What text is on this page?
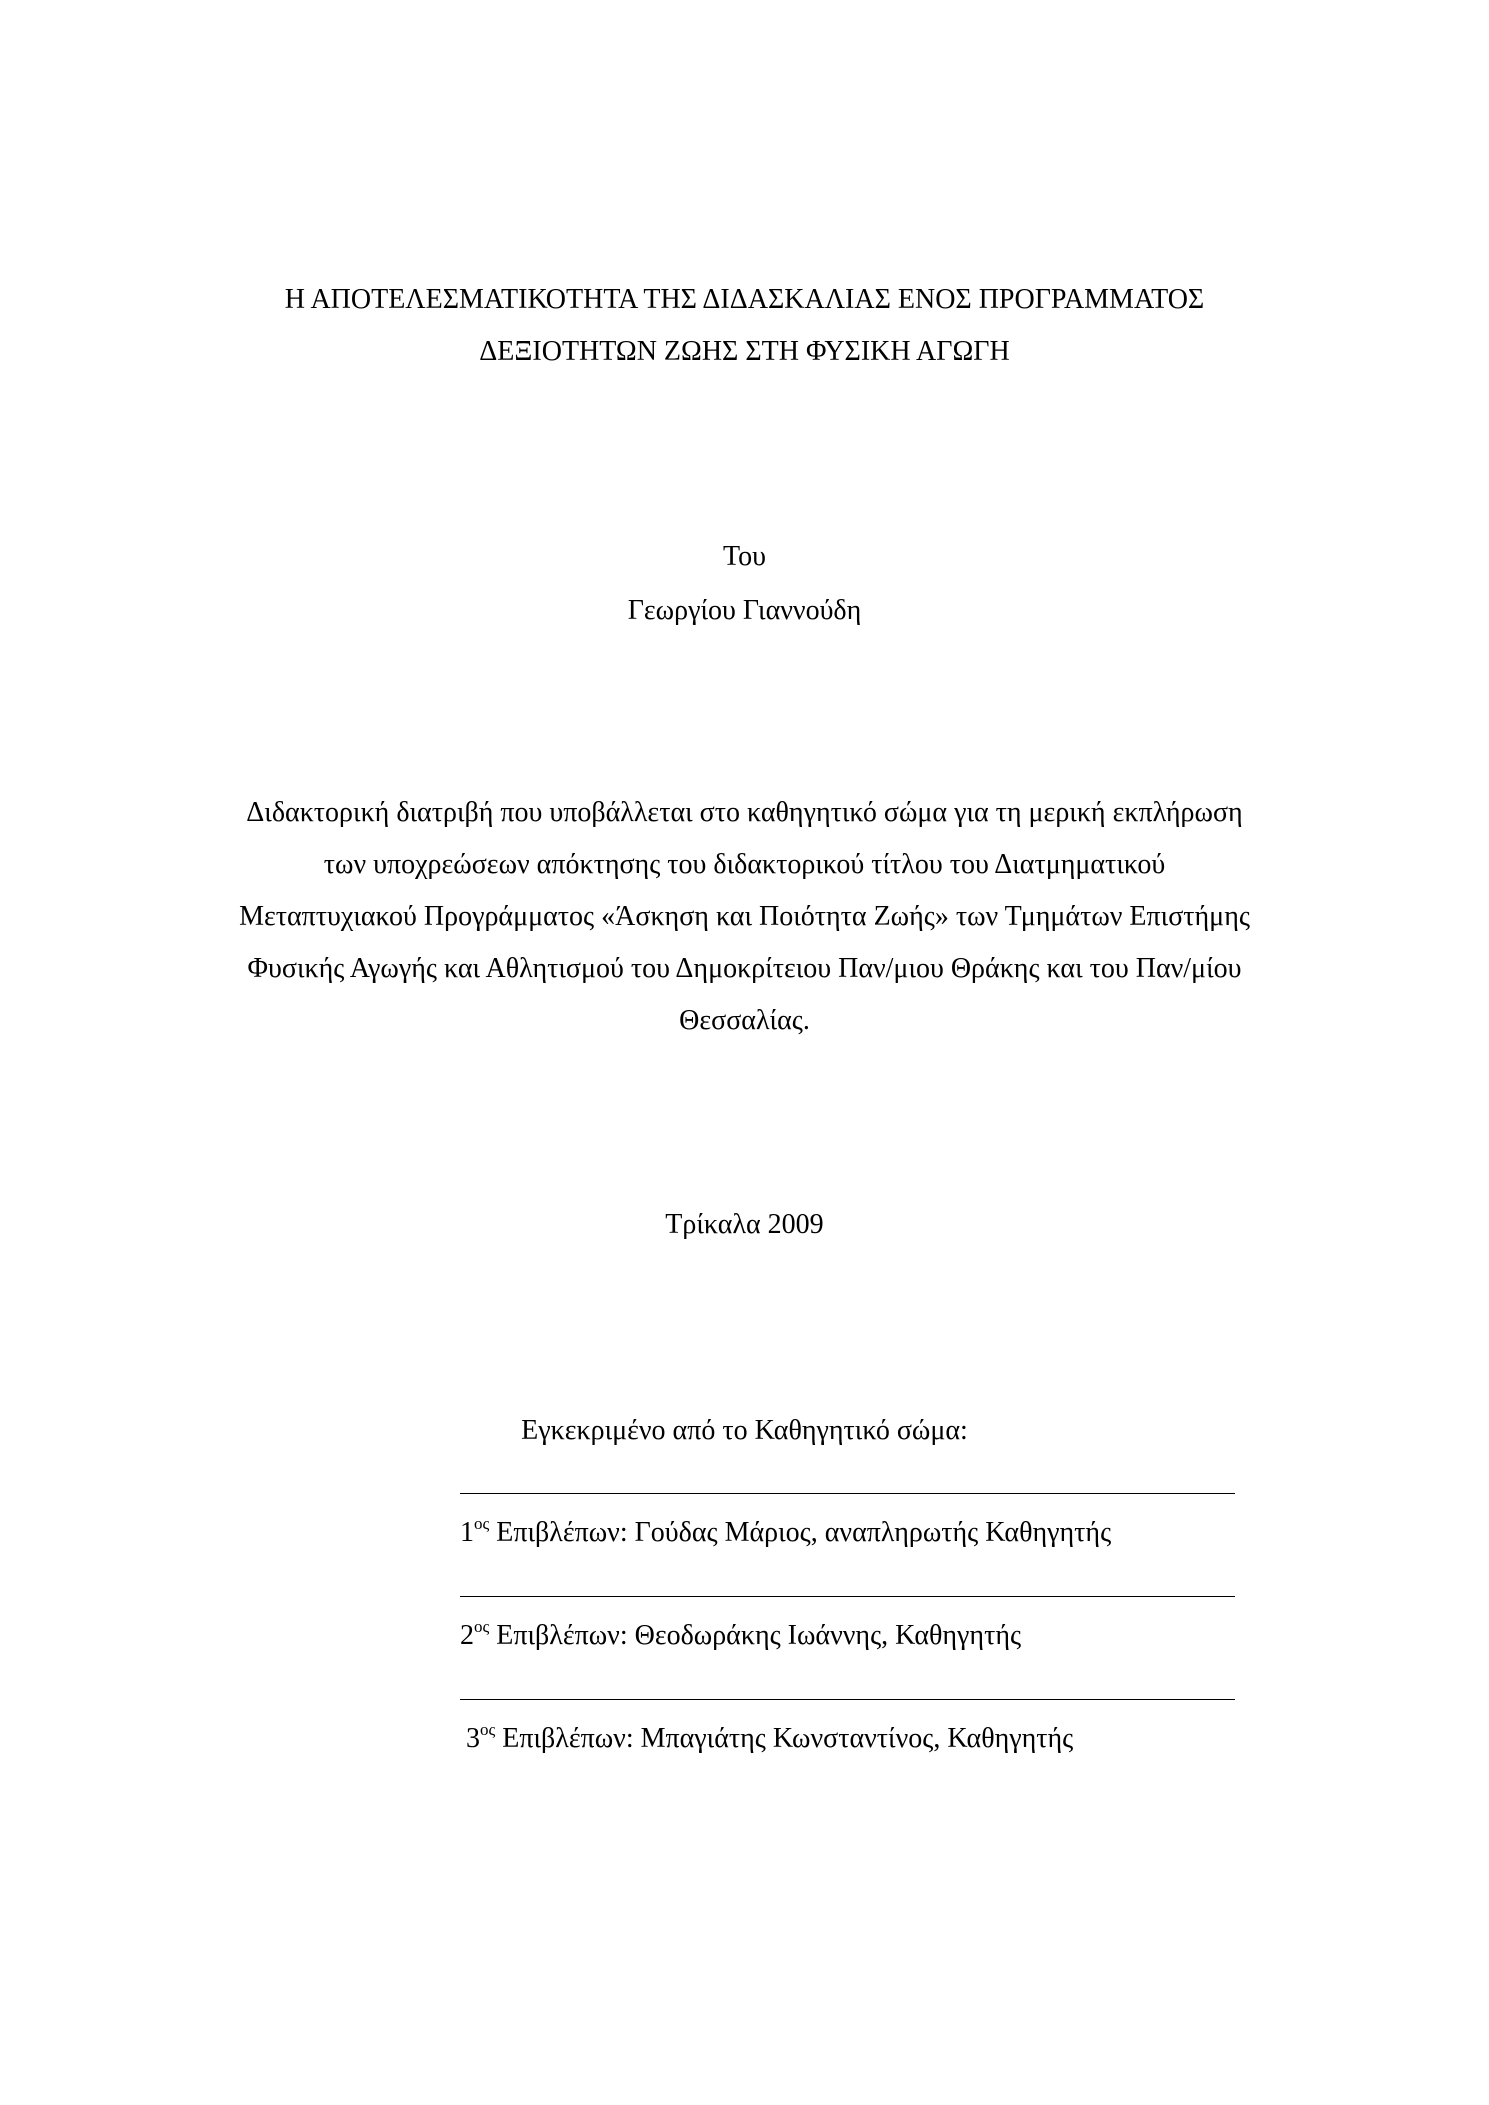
Η ΑΠΟΤΕΛΕΣΜΑΤΙΚΟΤΗΤΑ ΤΗΣ ΔΙΔΑΣΚΑΛΙΑΣ ΕΝΟΣ ΠΡΟΓΡΑΜΜΑΤΟΣ
ΔΕΞΙΟΤΗΤΩΝ ΖΩΗΣ ΣΤΗ ΦΥΣΙΚΗ ΑΓΩΓΗ
Του
Γεωργίου Γιαννούδη
Διδακτορική διατριβή που υποβάλλεται στο καθηγητικό σώμα για τη μερική εκπλήρωση
των υποχρεώσεων απόκτησης του διδακτορικού τίτλου του Διατμηματικού
Μεταπτυχιακού Προγράμματος «Άσκηση και Ποιότητα Ζωής» των Τμημάτων Επιστήμης
Φυσικής Αγωγής και Αθλητισμού του Δημοκρίτειου Παν/μιου Θράκης και του Παν/μίου
Θεσσαλίας.
Τρίκαλα 2009
Εγκεκριμένο από το Καθηγητικό σώμα:
$1^{o\varsigma}$ Επιβλέπων: Γούδας Μάριος, αναπληρωτής Καθηγητής
$2^{o\varsigma}$ Επιβλέπων: Θεοδωράκης Ιωάννης, Καθηγητής
$3^{o\varsigma}$ Επιβλέπων: Μπαγιάτης Κωνσταντίνος, Καθηγητής
